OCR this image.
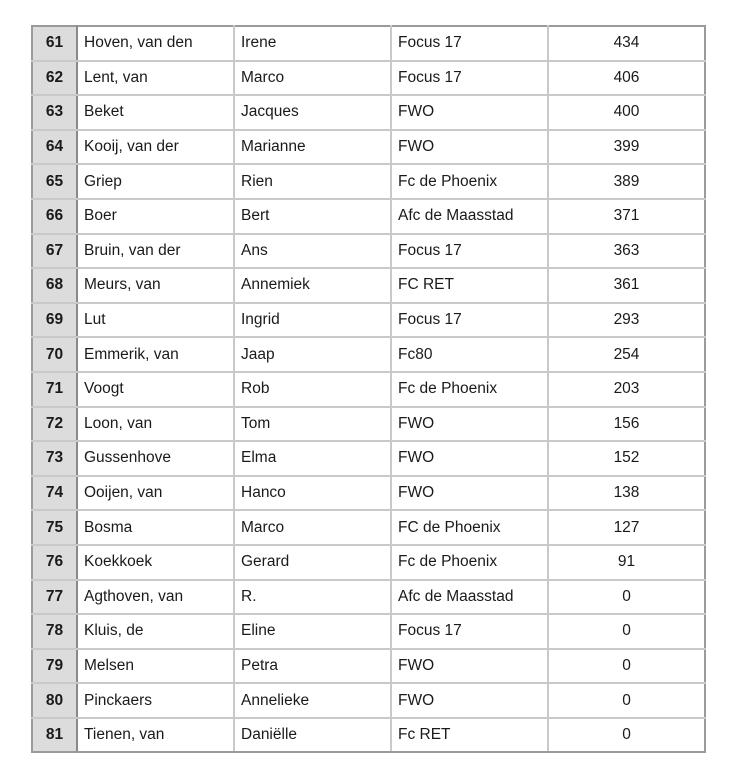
61	Hoven, van den	Irene	Focus 17	434
62	Lent, van	Marco	Focus 17	406
63	Beket	Jacques	FWO	400
64	Kooij, van der	Marianne	FWO	399
65	Griep	Rien	Fc de Phoenix	389
66	Boer	Bert	Afc de Maasstad	371
67	Bruin, van der	Ans	Focus 17	363
68	Meurs, van	Annemiek	FC RET	361
69	Lut	Ingrid	Focus 17	293
70	Emmerik, van	Jaap	Fc80	254
71	Voogt	Rob	Fc de Phoenix	203
72	Loon, van	Tom	FWO	156
73	Gussenhove	Elma	FWO	152
74	Ooijen, van	Hanco	FWO	138
75	Bosma	Marco	FC de Phoenix	127
76	Koekkoek	Gerard	Fc de Phoenix	91
77	Agthoven, van	R.	Afc de Maasstad	0
78	Kluis, de	Eline	Focus 17	0
79	Melsen	Petra	FWO	0
80	Pinckaers	Annelieke	FWO	0
81	Tienen, van	Daniëlle	Fc RET	0
